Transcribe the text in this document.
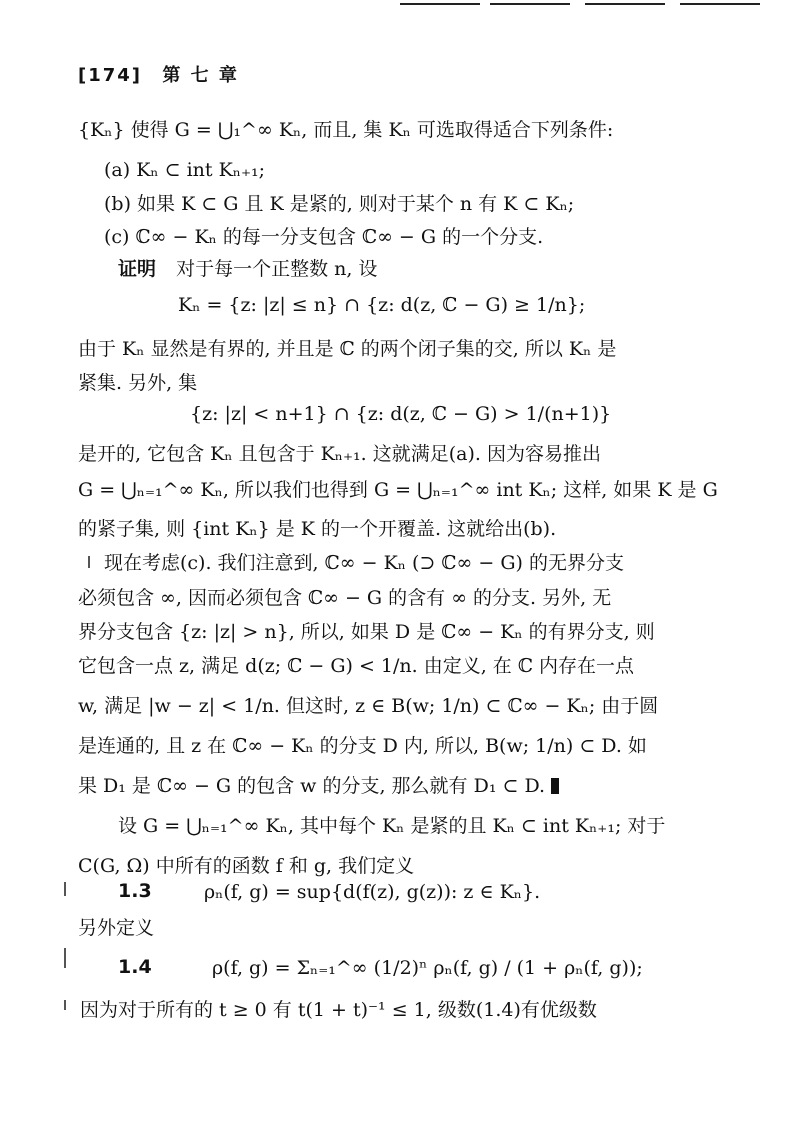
[174] 第 七 章
{Kₙ} 使得 G = ⋃₁^∞ Kₙ, 而且, 集 Kₙ 可选取得适合下列条件:
(a) Kₙ ⊂ int Kₙ₊₁;
(b) 如果 K ⊂ G 且 K 是紧的, 则对于某个 n 有 K ⊂ Kₙ;
(c) ℂ∞ − Kₙ 的每一分支包含 ℂ∞ − G 的一个分支.
证明 对于每一个正整数 n, 设
Kₙ = {z: |z| ≤ n} ∩ {z: d(z, ℂ − G) ≥ 1/n};
由于 Kₙ 显然是有界的, 并且是 ℂ 的两个闭子集的交, 所以 Kₙ 是
紧集. 另外, 集
{z: |z| < n+1} ∩ {z: d(z, ℂ − G) > 1/(n+1)}
是开的, 它包含 Kₙ 且包含于 Kₙ₊₁. 这就满足(a). 因为容易推出
G = ⋃ₙ₌₁^∞ Kₙ, 所以我们也得到 G = ⋃ₙ₌₁^∞ int Kₙ; 这样, 如果 K 是 G
的紧子集, 则 {int Kₙ} 是 K 的一个开覆盖. 这就给出(b).
现在考虑(c). 我们注意到, ℂ∞ − Kₙ (⊃ ℂ∞ − G) 的无界分支
必须包含 ∞, 因而必须包含 ℂ∞ − G 的含有 ∞ 的分支. 另外, 无
界分支包含 {z: |z| > n}, 所以, 如果 D 是 ℂ∞ − Kₙ 的有界分支, 则
它包含一点 z, 满足 d(z; ℂ − G) < 1/n. 由定义, 在 ℂ 内存在一点
w, 满足 |w − z| < 1/n. 但这时, z ∈ B(w; 1/n) ⊂ ℂ∞ − Kₙ; 由于圆
是连通的, 且 z 在 ℂ∞ − Kₙ 的分支 D 内, 所以, B(w; 1/n) ⊂ D. 如
果 D₁ 是 ℂ∞ − G 的包含 w 的分支, 那么就有 D₁ ⊂ D.
设 G = ⋃ₙ₌₁^∞ Kₙ, 其中每个 Kₙ 是紧的且 Kₙ ⊂ int Kₙ₊₁; 对于
C(G, Ω) 中所有的函数 f 和 g, 我们定义
1.3	ρₙ(f, g) = sup{d(f(z), g(z)): z ∈ Kₙ}.
另外定义
1.4	ρ(f, g) = Σₙ₌₁^∞ (1/2)ⁿ ρₙ(f, g) / (1 + ρₙ(f, g));
因为对于所有的 t ≥ 0 有 t(1 + t)⁻¹ ≤ 1, 级数(1.4)有优级数
